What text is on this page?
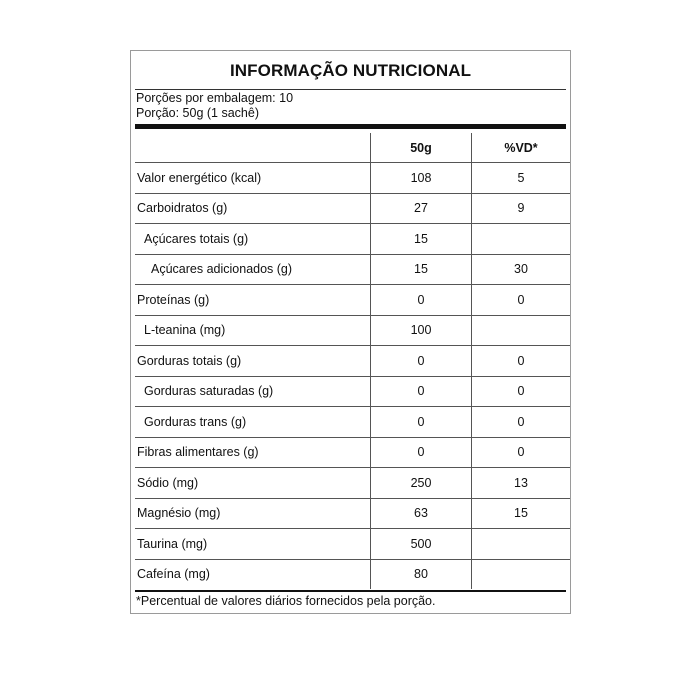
INFORMAÇÃO NUTRICIONAL
Porções por embalagem: 10
Porção: 50g (1 sachê)
	50g	%VD*
Valor energético (kcal)	108	5
Carboidratos (g)	27	9
Açúcares totais (g)	15	
Açúcares adicionados (g)	15	30
Proteínas (g)	0	0
L-teanina (mg)	100	
Gorduras totais (g)	0	0
Gorduras saturadas (g)	0	0
Gorduras trans (g)	0	0
Fibras alimentares (g)	0	0
Sódio (mg)	250	13
Magnésio (mg)	63	15
Taurina (mg)	500	
Cafeína (mg)	80	
*Percentual de valores diários fornecidos pela porção.
